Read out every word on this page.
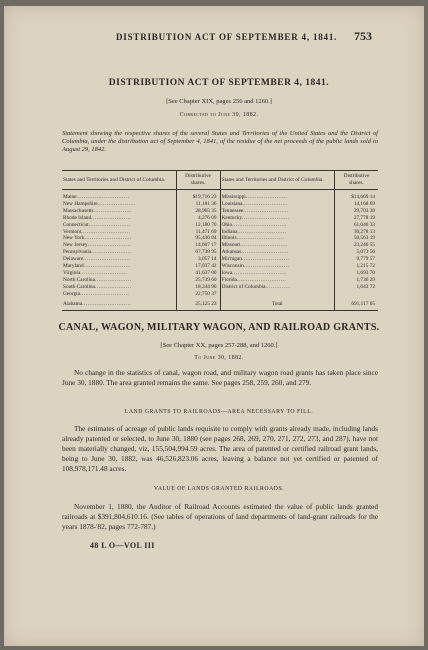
DISTRIBUTION ACT OF SEPTEMBER 4, 1841. 753
DISTRIBUTION ACT OF SEPTEMBER 4, 1841.
[See Chapter XIX, pages 256 and 1260.]
Corrected to June 30, 1882.
Statement showing the respective shares of the several States and Territories of the United States and the District of Columbia, under the distribution act of September 4, 1841, of the residue of the net proceeds of the public lands sold to August 29, 1842.
States and Territories and District of Columbia.	Distributive shares.	States and Territories and District of Columbia.	Distributive shares.
Maine.............................	$19,716 23	Mississippi.......................	$14,669 14
New Hampshire.....................	11,181 36	Louisiana.........................	14,168 69
Massachusetts.....................	28,965 35	Tennessee.........................	29,703 38
Rhode Island......................	4,276 09	Kentucky..........................	27,778 19
Connecticut.......................	12,180 70	Ohio..............................	61,046 33
Vermont...........................	11,471 69	Indiana...........................	30,278 13
New York..........................	95,436 04	Illinois..........................	50,563 19
New Jersey........................	14,607 17	Missouri..........................	23,246 55
Pennsylvania......................	67,738 95	Arkansas..........................	5,073 56
Delaware..........................	3,057 14	Michigan..........................	9,779 57
Maryland..........................	17,037 42	Wisconsin.........................	1,215 72
Virginia..........................	41,637 00	Iowa..............................	1,693 70
North Carolina....................	25,739 60	Florida...........................	1,736 29
South Carolina....................	18,244 90	District of Columbia..............	1,643 72
Georgia...........................	22,750 37		
Alabama...........................	25,125 23	Total	691,117 05
CANAL, WAGON, MILITARY WAGON, AND RAILROAD GRANTS.
[See Chapter XX, pages 257-288, and 1260.]
To June 30, 1882.
No change in the statistics of canal, wagon road, and military wagon road grants has taken place since June 30, 1880. The area granted remains the same. See pages 258, 259, 260, and 279.
LAND GRANTS TO RAILROADS—AREA NECESSARY TO FILL.
The estimates of acreage of public lands requisite to comply with grants already made, including lands already patented or selected, to June 30, 1880 (see pages 268, 269, 270, 271, 272, 273, and 287), have not been materially changed, viz, 155,504,994.59 acres. The area of patented or certified railroad grant lands, being to June 30, 1882, was 46,526,823.06 acres, leaving a balance not yet certified or patented of 108,978,171.48 acres.
VALUE OF LANDS GRANTED RAILROADS.
November 1, 1880, the Auditor of Railroad Accounts estimated the value of public lands granted railroads at $391,804,610.16. (See tables of operations of land departments of land-grant railroads for the years 1878-'82, pages 772-787.)
48 L O—VOL III
